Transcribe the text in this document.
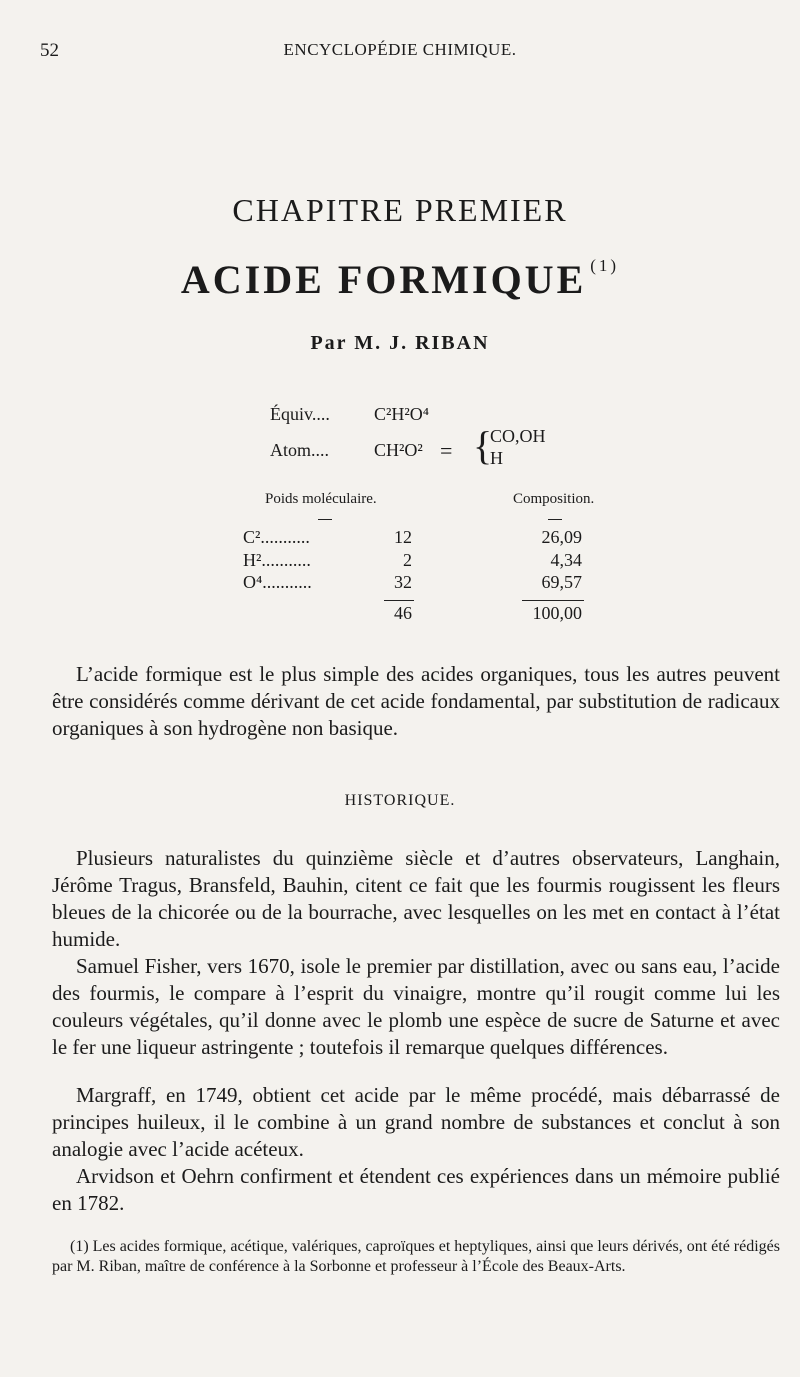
52	ENCYCLOPÉDIE CHIMIQUE.
CHAPITRE PREMIER
ACIDE FORMIQUE $^{(1)}$
Par M. J. RIBAN
Équiv.... C²H²O⁴
Atom.... CH²O² = {
CO,OH
H
Poids moléculaire.	Composition.
C²...........	12	26,09
H²...........	2	4,34
O⁴...........	32	69,57
46	100,00
L’acide formique est le plus simple des acides organiques, tous les autres peuvent être considérés comme dérivant de cet acide fondamental, par substitution de radicaux organiques à son hydrogène non basique.
HISTORIQUE.
Plusieurs naturalistes du quinzième siècle et d’autres observateurs, Langhain, Jérôme Tragus, Bransfeld, Bauhin, citent ce fait que les fourmis rougissent les fleurs bleues de la chicorée ou de la bourrache, avec lesquelles on les met en contact à l’état humide.
Samuel Fisher, vers 1670, isole le premier par distillation, avec ou sans eau, l’acide des fourmis, le compare à l’esprit du vinaigre, montre qu’il rougit comme lui les couleurs végétales, qu’il donne avec le plomb une espèce de sucre de Saturne et avec le fer une liqueur astringente ; toutefois il remarque quelques différences.
Margraff, en 1749, obtient cet acide par le même procédé, mais débarrassé de principes huileux, il le combine à un grand nombre de substances et conclut à son analogie avec l’acide acéteux.
Arvidson et Oehrn confirment et étendent ces expériences dans un mémoire publié en 1782.
(1) Les acides formique, acétique, valériques, caproïques et heptyliques, ainsi que leurs dérivés, ont été rédigés par M. Riban, maître de conférence à la Sorbonne et professeur à l’École des Beaux-Arts.
